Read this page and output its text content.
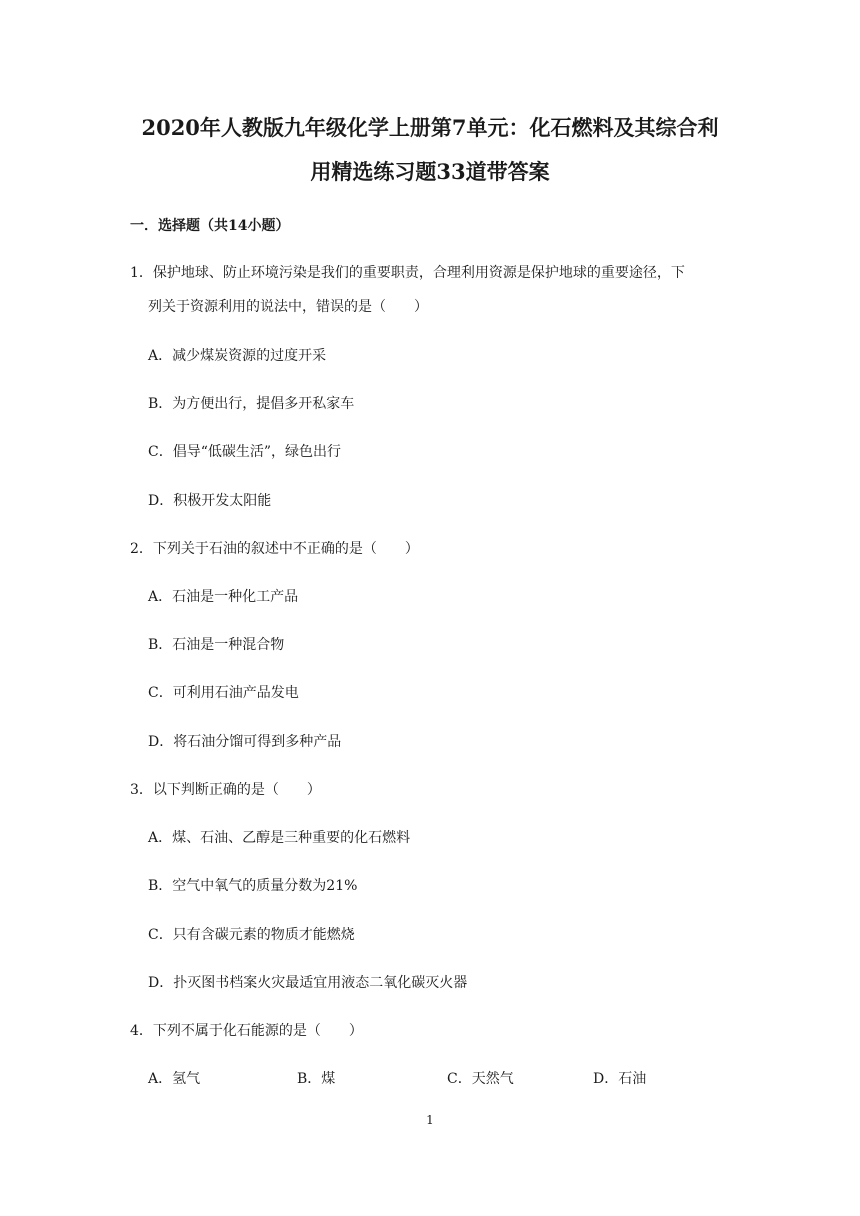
2020年人教版九年级化学上册第7单元：化石燃料及其综合利
用精选练习题33道带答案
一．选择题（共14小题）
1．保护地球、防止环境污染是我们的重要职责，合理利用资源是保护地球的重要途径，下
列关于资源利用的说法中，错误的是（　　）
A．减少煤炭资源的过度开采
B．为方便出行，提倡多开私家车
C．倡导“低碳生活”，绿色出行
D．积极开发太阳能
2．下列关于石油的叙述中不正确的是（　　）
A．石油是一种化工产品
B．石油是一种混合物
C．可利用石油产品发电
D．将石油分馏可得到多种产品
3．以下判断正确的是（　　）
A．煤、石油、乙醇是三种重要的化石燃料
B．空气中氧气的质量分数为21%
C．只有含碳元素的物质才能燃烧
D．扑灭图书档案火灾最适宜用液态二氧化碳灭火器
4．下列不属于化石能源的是（　　）
A．氢气	B．煤	C．天然气	D．石油
1
